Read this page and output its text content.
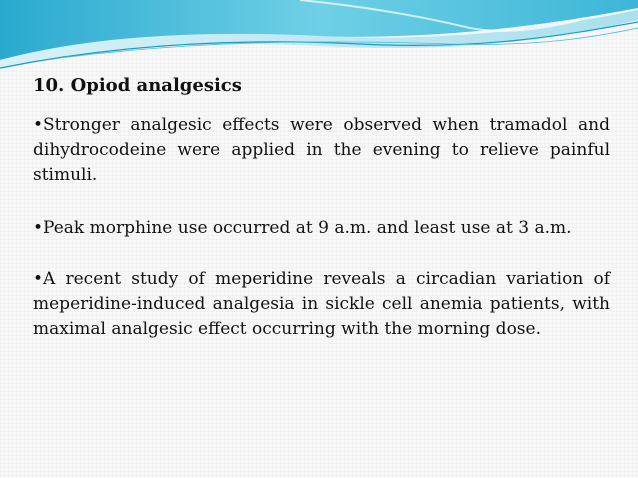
10. Opiod analgesics

•Stronger analgesic effects were observed when tramadol and dihydrocodeine were applied in the evening to relieve painful stimuli.

•Peak morphine use occurred at 9 a.m. and least use at 3 a.m.

•A recent study of meperidine reveals a circadian variation of meperidine-induced analgesia in sickle cell anemia patients, with maximal analgesic effect occurring with the morning dose.
